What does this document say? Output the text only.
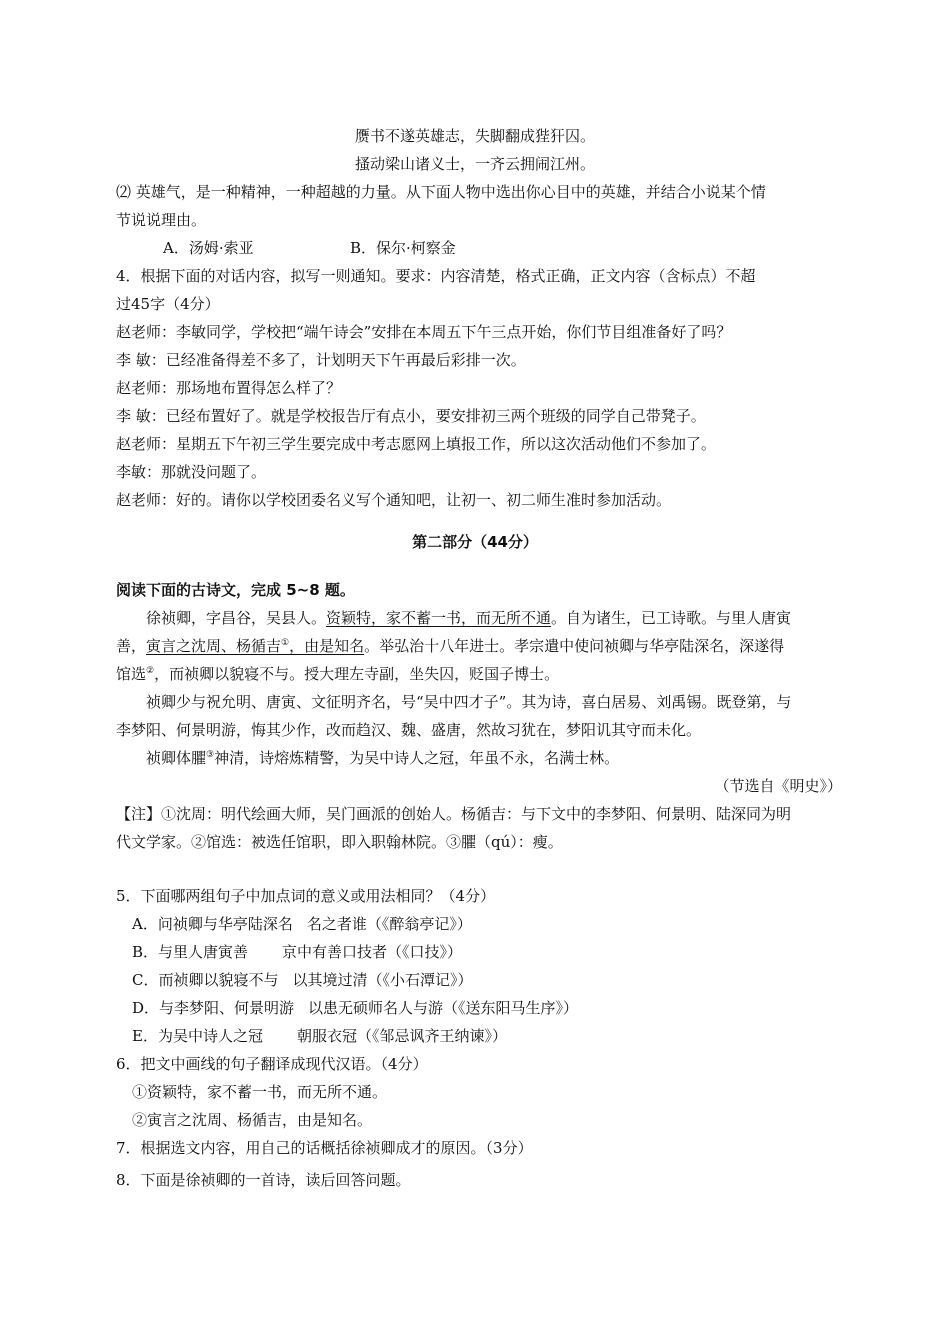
赝书不遂英雄志，失脚翻成狴犴囚。
搔动梁山诸义士，一齐云拥闹江州。
⑵ 英雄气，是一种精神，一种超越的力量。从下面人物中选出你心目中的英雄，并结合小说某个情
节说说理由。
A．汤姆·索亚	B．保尔·柯察金
4．根据下面的对话内容，拟写一则通知。要求：内容清楚，格式正确，正文内容（含标点）不超
过45字（4分）
赵老师：李敏同学，学校把“端午诗会”安排在本周五下午三点开始，你们节目组准备好了吗？
李 敏：已经准备得差不多了，计划明天下午再最后彩排一次。
赵老师：那场地布置得怎么样了？
李 敏：已经布置好了。就是学校报告厅有点小，要安排初三两个班级的同学自己带凳子。
赵老师：星期五下午初三学生要完成中考志愿网上填报工作，所以这次活动他们不参加了。
李敏：那就没问题了。
赵老师：好的。请你以学校团委名义写个通知吧，让初一、初二师生准时参加活动。
第二部分（44分）
阅读下面的古诗文，完成 5~8 题。
徐祯卿，字昌谷，吴县人。资颖特，家不蓄一书，而无所不通。自为诸生，已工诗歌。与里人唐寅
善，寅言之沈周、杨循吉①，由是知名。举弘治十八年进士。孝宗遣中使问祯卿与华亭陆深名，深遂得
馆选②，而祯卿以貌寝不与。授大理左寺副，坐失囚，贬国子博士。
祯卿少与祝允明、唐寅、文征明齐名，号“吴中四才子”。其为诗，喜白居易、刘禹锡。既登第，与
李梦阳、何景明游，悔其少作，改而趋汉、魏、盛唐，然故习犹在，梦阳讥其守而未化。
祯卿体臞③神清，诗熔炼精警，为吴中诗人之冠，年虽不永，名满士林。
（节选自《明史》）
【注】①沈周：明代绘画大师，吴门画派的创始人。杨循吉：与下文中的李梦阳、何景明、陆深同为明
代文学家。②馆选：被选任馆职，即入职翰林院。③臞（qú）：瘦。
5．下面哪两组句子中加点词的意义或用法相同？（4分）
A．问祯卿与华亭陆深名 名之者谁（《醉翁亭记》）
B．与里人唐寅善 京中有善口技者（《口技》）
C．而祯卿以貌寝不与 以其境过清（《小石潭记》）
D．与李梦阳、何景明游 以患无硕师名人与游（《送东阳马生序》）
E．为吴中诗人之冠 朝服衣冠（《邹忌讽齐王纳谏》）
6．把文中画线的句子翻译成现代汉语。（4分）
①资颖特，家不蓄一书，而无所不通。
②寅言之沈周、杨循吉，由是知名。
7．根据选文内容，用自己的话概括徐祯卿成才的原因。（3分）
8．下面是徐祯卿的一首诗，读后回答问题。
